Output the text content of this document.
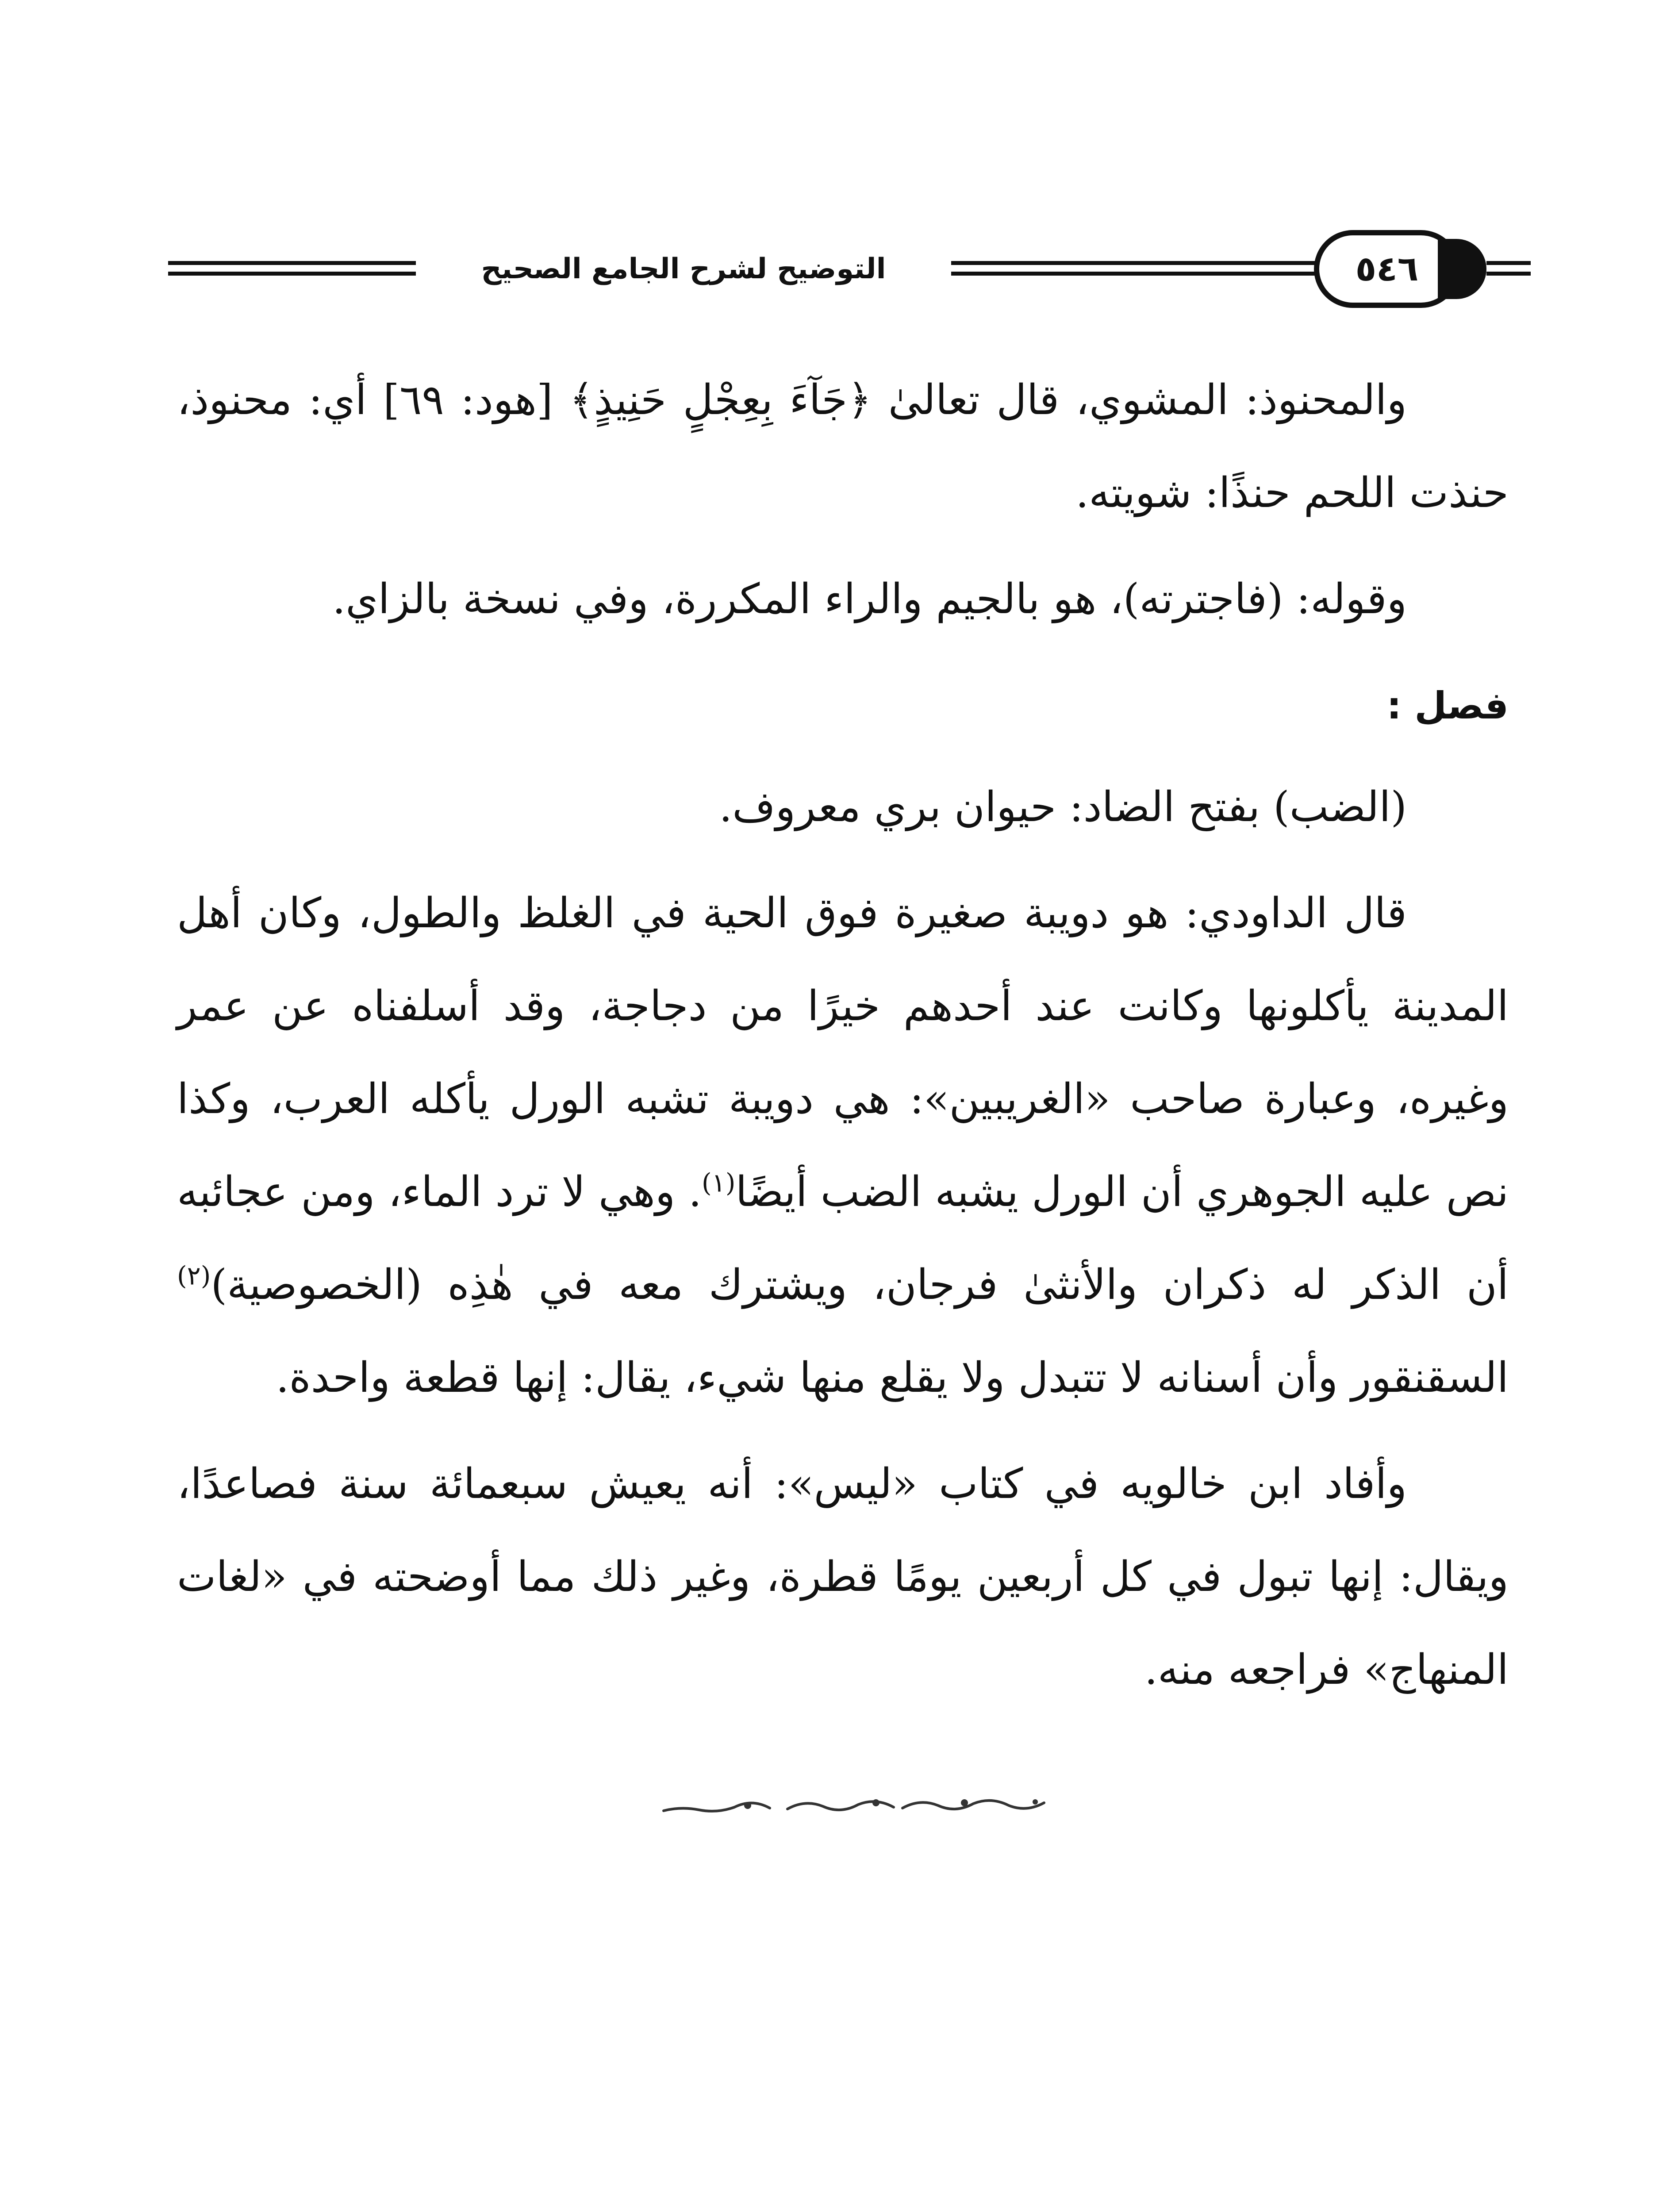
التوضيح لشرح الجامع الصحيح	٥٤٦

والمحنوذ: المشوي، قال تعالىٰ ﴿جَآءَ بِعِجْلٍ حَنِيذٍ﴾ [هود: ٦٩] أي: محنوذ، حنذت اللحم حنذًا: شويته.

وقوله: (فاجترته)، هو بالجيم والراء المكررة، وفي نسخة بالزاي.

فصل :

(الضب) بفتح الضاد: حيوان بري معروف.

قال الداودي: هو دويبة صغيرة فوق الحية في الغلظ والطول، وكان أهل المدينة يأكلونها وكانت عند أحدهم خيرًا من دجاجة، وقد أسلفناه عن عمر وغيره، وعبارة صاحب «الغريبين»: هي دويبة تشبه الورل يأكله العرب، وكذا نص عليه الجوهري أن الورل يشبه الضب أيضًا$^{(١)}$. وهي لا ترد الماء، ومن عجائبه أن الذكر له ذكران والأنثىٰ فرجان، ويشترك معه في هٰذِه (الخصوصية)$^{(٢)}$ السقنقور وأن أسنانه لا تتبدل ولا يقلع منها شيء، يقال: إنها قطعة واحدة.

وأفاد ابن خالويه في كتاب «ليس»: أنه يعيش سبعمائة سنة فصاعدًا، ويقال: إنها تبول في كل أربعين يومًا قطرة، وغير ذلك مما أوضحته في «لغات المنهاج» فراجعه منه.
